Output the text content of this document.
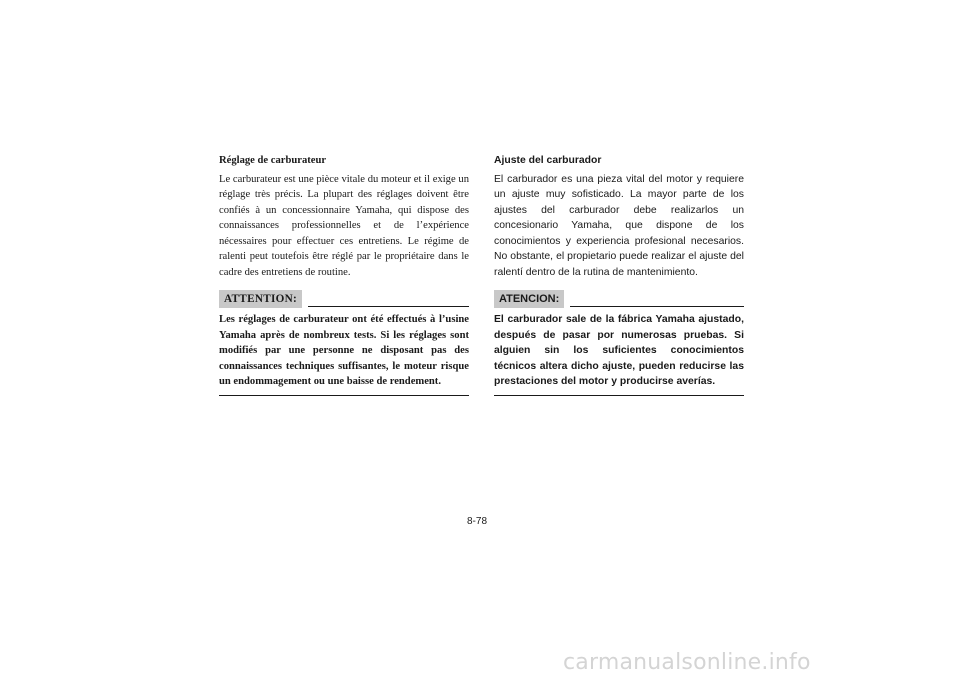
Réglage de carburateur

Le carburateur est une pièce vitale du moteur et il exige un réglage très précis. La plupart des réglages doivent être confiés à un concessionnaire Yamaha, qui dispose des connaissances professionnelles et de l’expérience nécessaires pour effectuer ces entretiens. Le régime de ralenti peut toutefois être réglé par le propriétaire dans le cadre des entretiens de routine.

ATTENTION:

Les réglages de carburateur ont été effectués à l’usine Yamaha après de nombreux tests. Si les réglages sont modifiés par une personne ne disposant pas des connaissances techniques suffisantes, le moteur risque un endommagement ou une baisse de rendement.

Ajuste del carburador

El carburador es una pieza vital del motor y requiere un ajuste muy sofisticado. La mayor parte de los ajustes del carburador debe realizarlos un concesionario Yamaha, que dispone de los conocimientos y experiencia profesional necesarios. No obstante, el propietario puede realizar el ajuste del ralentí dentro de la rutina de mantenimiento.

ATENCION:

El carburador sale de la fábrica Yamaha ajustado, después de pasar por numerosas pruebas. Si alguien sin los suficientes conocimientos técnicos altera dicho ajuste, pueden reducirse las prestaciones del motor y producirse averías.

8-78
carmanualsonline.info
